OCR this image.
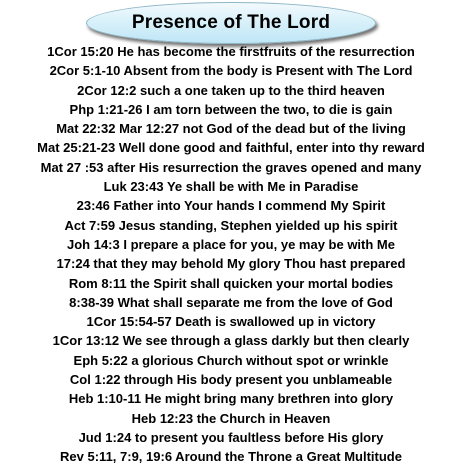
Presence of The Lord
1Cor 15:20 He has become the firstfruits of the resurrection
2Cor 5:1-10 Absent from the body is Present with The Lord
2Cor 12:2 such a one taken up to the third heaven
Php 1:21-26 I am torn between the two, to die is gain
Mat 22:32 Mar 12:27 not God of the dead but of the living
Mat 25:21-23 Well done good and faithful, enter into thy reward
Mat 27 :53 after His resurrection the graves opened and many
Luk 23:43 Ye shall be with Me in Paradise
23:46 Father into Your hands I commend My Spirit
Act 7:59 Jesus standing, Stephen yielded up his spirit
Joh 14:3 I prepare a place for you, ye may be with Me
17:24 that they may behold My glory Thou hast prepared
Rom 8:11 the Spirit shall quicken your mortal bodies
8:38-39 What shall separate me from the love of God
1Cor 15:54-57 Death is swallowed up in victory
1Cor 13:12 We see through a glass darkly but then clearly
Eph 5:22 a glorious Church without spot or wrinkle
Col 1:22 through His body present you unblameable
Heb 1:10-11 He might bring many brethren into glory
Heb 12:23 the Church in Heaven
Jud 1:24 to present you faultless before His glory
Rev 5:11, 7:9, 19:6 Around the Throne a Great Multitude
